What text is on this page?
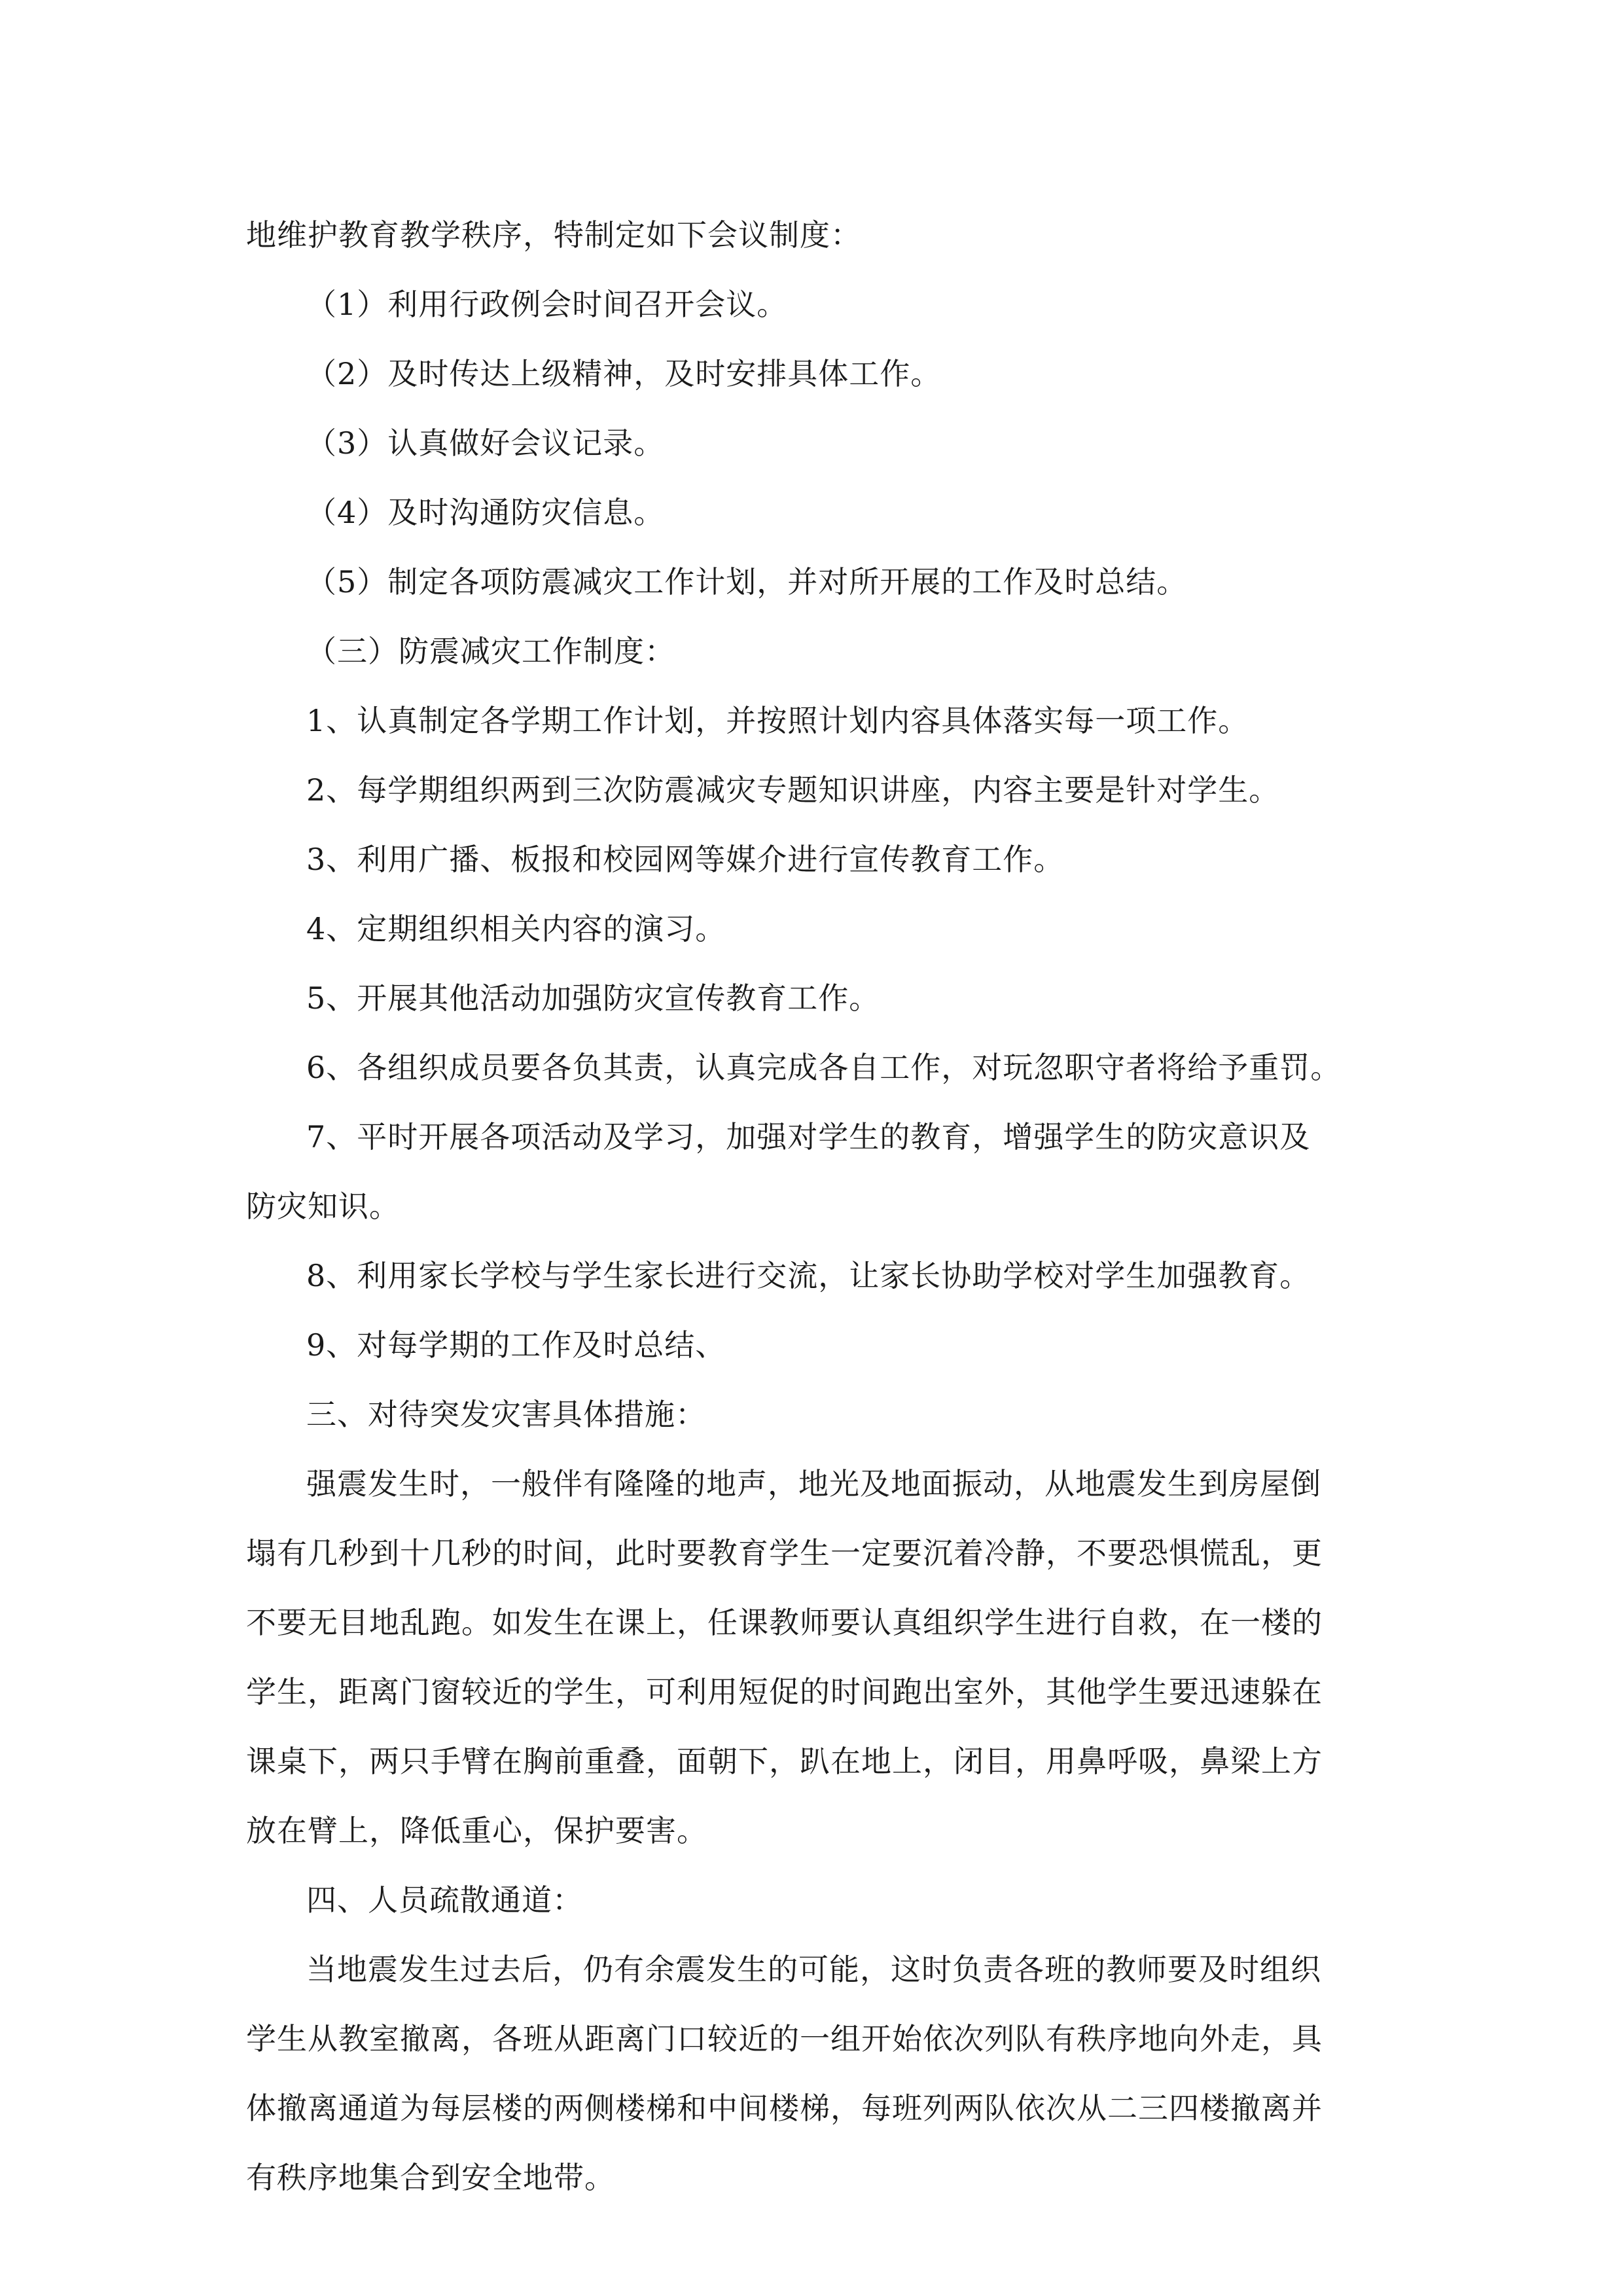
地维护教育教学秩序，特制定如下会议制度：
（1）利用行政例会时间召开会议。
（2）及时传达上级精神，及时安排具体工作。
（3）认真做好会议记录。
（4）及时沟通防灾信息。
（5）制定各项防震减灾工作计划，并对所开展的工作及时总结。
（三）防震减灾工作制度：
1、认真制定各学期工作计划，并按照计划内容具体落实每一项工作。
2、每学期组织两到三次防震减灾专题知识讲座，内容主要是针对学生。
3、利用广播、板报和校园网等媒介进行宣传教育工作。
4、定期组织相关内容的演习。
5、开展其他活动加强防灾宣传教育工作。
6、各组织成员要各负其责，认真完成各自工作，对玩忽职守者将给予重罚。
7、平时开展各项活动及学习，加强对学生的教育，增强学生的防灾意识及
防灾知识。
8、利用家长学校与学生家长进行交流，让家长协助学校对学生加强教育。
9、对每学期的工作及时总结、
三、对待突发灾害具体措施：
强震发生时，一般伴有隆隆的地声，地光及地面振动，从地震发生到房屋倒
塌有几秒到十几秒的时间，此时要教育学生一定要沉着冷静，不要恐惧慌乱，更
不要无目地乱跑。如发生在课上，任课教师要认真组织学生进行自救，在一楼的
学生，距离门窗较近的学生，可利用短促的时间跑出室外，其他学生要迅速躲在
课桌下，两只手臂在胸前重叠，面朝下，趴在地上，闭目，用鼻呼吸，鼻梁上方
放在臂上，降低重心，保护要害。
四、人员疏散通道：
当地震发生过去后，仍有余震发生的可能，这时负责各班的教师要及时组织
学生从教室撤离，各班从距离门口较近的一组开始依次列队有秩序地向外走，具
体撤离通道为每层楼的两侧楼梯和中间楼梯，每班列两队依次从二三四楼撤离并
有秩序地集合到安全地带。
